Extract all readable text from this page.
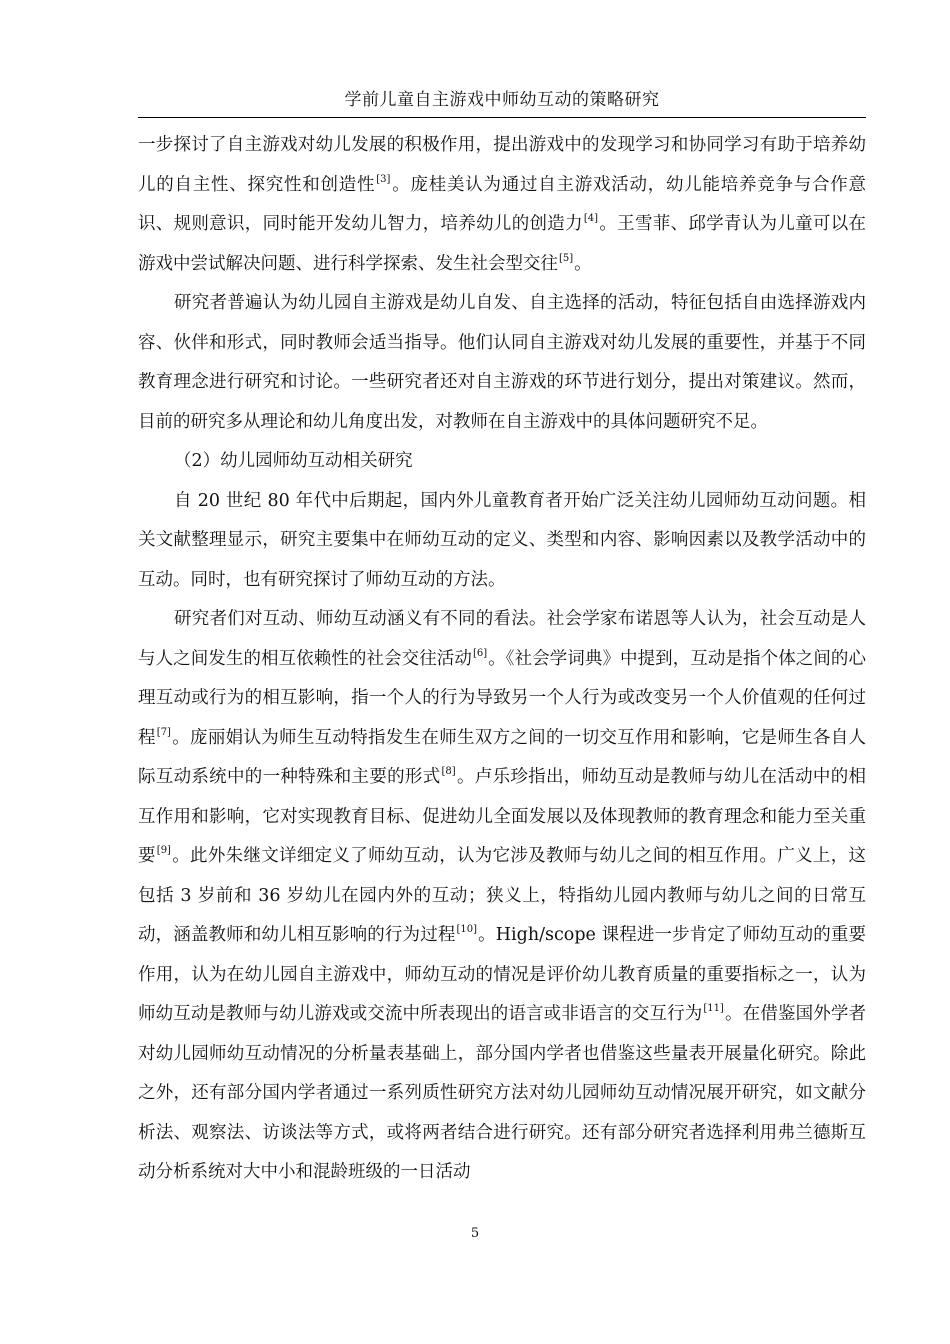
学前儿童自主游戏中师幼互动的策略研究

一步探讨了自主游戏对幼儿发展的积极作用，提出游戏中的发现学习和协同学习有助于培养幼儿的自主性、探究性和创造性[3]。庞桂美认为通过自主游戏活动，幼儿能培养竞争与合作意识、规则意识，同时能开发幼儿智力，培养幼儿的创造力[4]。王雪菲、邱学青认为儿童可以在游戏中尝试解决问题、进行科学探索、发生社会型交往[5]。

研究者普遍认为幼儿园自主游戏是幼儿自发、自主选择的活动，特征包括自由选择游戏内容、伙伴和形式，同时教师会适当指导。他们认同自主游戏对幼儿发展的重要性，并基于不同教育理念进行研究和讨论。一些研究者还对自主游戏的环节进行划分，提出对策建议。然而，目前的研究多从理论和幼儿角度出发，对教师在自主游戏中的具体问题研究不足。

（2）幼儿园师幼互动相关研究

自 20 世纪 80 年代中后期起，国内外儿童教育者开始广泛关注幼儿园师幼互动问题。相关文献整理显示，研究主要集中在师幼互动的定义、类型和内容、影响因素以及教学活动中的互动。同时，也有研究探讨了师幼互动的方法。

研究者们对互动、师幼互动涵义有不同的看法。社会学家布诺恩等人认为，社会互动是人与人之间发生的相互依赖性的社会交往活动[6]。《社会学词典》中提到，互动是指个体之间的心理互动或行为的相互影响，指一个人的行为导致另一个人行为或改变另一个人价值观的任何过程[7]。庞丽娟认为师生互动特指发生在师生双方之间的一切交互作用和影响，它是师生各自人际互动系统中的一种特殊和主要的形式[8]。卢乐珍指出，师幼互动是教师与幼儿在活动中的相互作用和影响，它对实现教育目标、促进幼儿全面发展以及体现教师的教育理念和能力至关重要[9]。此外朱继文详细定义了师幼互动，认为它涉及教师与幼儿之间的相互作用。广义上，这包括 3 岁前和 36 岁幼儿在园内外的互动；狭义上，特指幼儿园内教师与幼儿之间的日常互动，涵盖教师和幼儿相互影响的行为过程[10]。High/scope 课程进一步肯定了师幼互动的重要作用，认为在幼儿园自主游戏中，师幼互动的情况是评价幼儿教育质量的重要指标之一，认为师幼互动是教师与幼儿游戏或交流中所表现出的语言或非语言的交互行为[11]。在借鉴国外学者对幼儿园师幼互动情况的分析量表基础上，部分国内学者也借鉴这些量表开展量化研究。除此之外，还有部分国内学者通过一系列质性研究方法对幼儿园师幼互动情况展开研究，如文献分析法、观察法、访谈法等方式，或将两者结合进行研究。还有部分研究者选择利用弗兰德斯互动分析系统对大中小和混龄班级的一日活动

5
